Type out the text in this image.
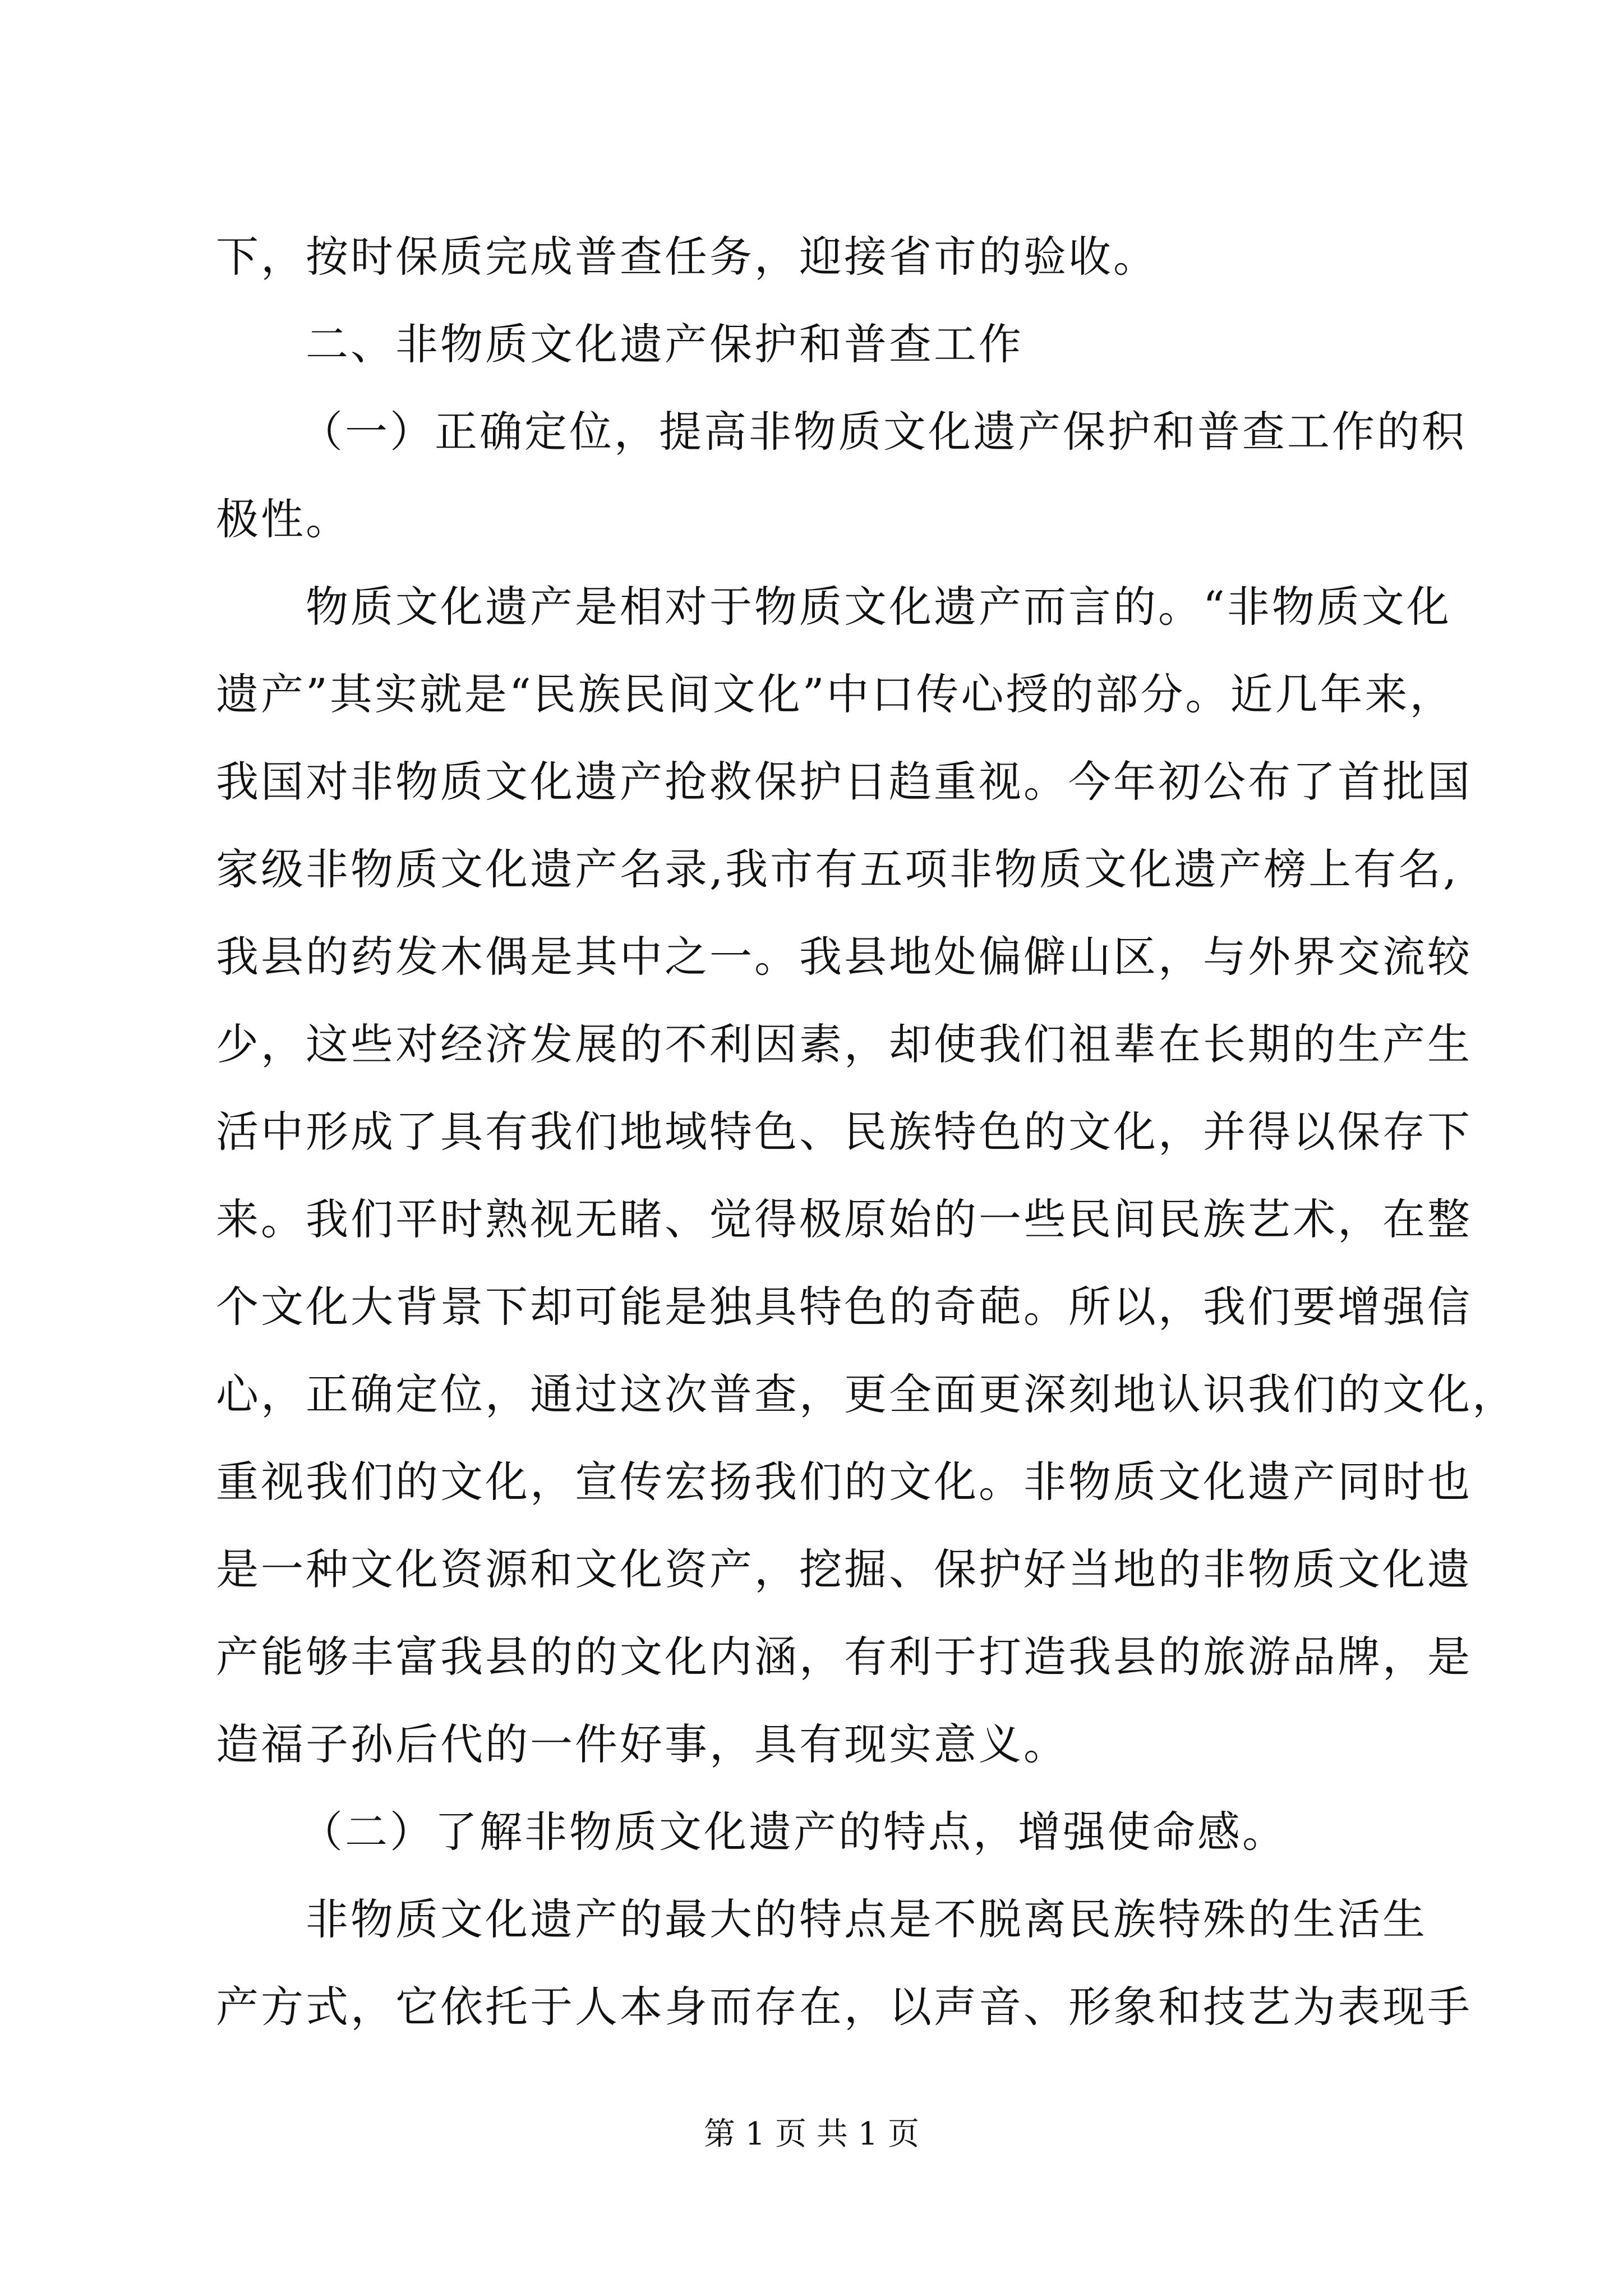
下，按时保质完成普查任务，迎接省市的验收。
二、非物质文化遗产保护和普查工作
（一）正确定位，提高非物质文化遗产保护和普查工作的积
极性。
物质文化遗产是相对于物质文化遗产而言的。“非物质文化
遗产”其实就是“民族民间文化”中口传心授的部分。近几年来，
我国对非物质文化遗产抢救保护日趋重视。今年初公布了首批国
家级非物质文化遗产名录,我市有五项非物质文化遗产榜上有名,
我县的药发木偶是其中之一。我县地处偏僻山区，与外界交流较
少，这些对经济发展的不利因素，却使我们祖辈在长期的生产生
活中形成了具有我们地域特色、民族特色的文化，并得以保存下
来。我们平时熟视无睹、觉得极原始的一些民间民族艺术，在整
个文化大背景下却可能是独具特色的奇葩。所以，我们要增强信
心，正确定位，通过这次普查，更全面更深刻地认识我们的文化，
重视我们的文化，宣传宏扬我们的文化。非物质文化遗产同时也
是一种文化资源和文化资产，挖掘、保护好当地的非物质文化遗
产能够丰富我县的的文化内涵，有利于打造我县的旅游品牌，是
造福子孙后代的一件好事，具有现实意义。
（二）了解非物质文化遗产的特点，增强使命感。
非物质文化遗产的最大的特点是不脱离民族特殊的生活生
产方式，它依托于人本身而存在，以声音、形象和技艺为表现手
第 1 页 共 1 页
